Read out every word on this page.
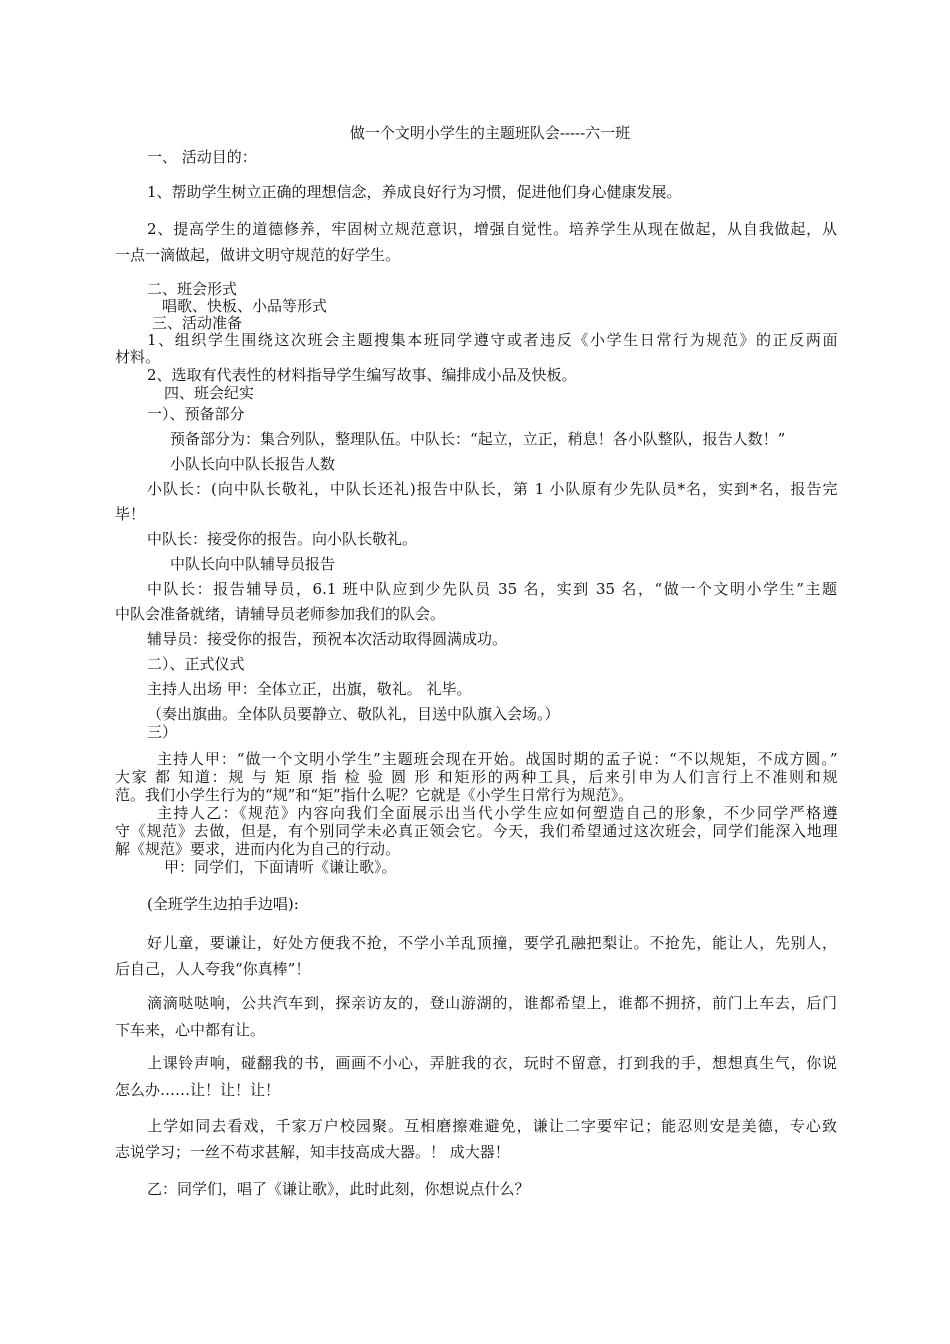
做一个文明小学生的主题班队会-----六一班
一、 活动目的：
1、帮助学生树立正确的理想信念，养成良好行为习惯，促进他们身心健康发展。
2、提高学生的道德修养，牢固树立规范意识，增强自觉性。培养学生从现在做起，从自我做起，从
一点一滴做起，做讲文明守规范的好学生。
二、班会形式
唱歌、快板、小品等形式
三、活动准备
1、组织学生围绕这次班会主题搜集本班同学遵守或者违反《小学生日常行为规范》的正反两面
材料。
2、选取有代表性的材料指导学生编写故事、编排成小品及快板。
四、班会纪实
一）、预备部分
预备部分为：集合列队，整理队伍。中队长：“起立，立正，稍息！各小队整队，报告人数！”
小队长向中队长报告人数
小队长：(向中队长敬礼，中队长还礼)报告中队长，第 1 小队原有少先队员*名，实到*名，报告完
毕！
中队长：接受你的报告。向小队长敬礼。
中队长向中队辅导员报告
中队长：报告辅导员，6.1 班中队应到少先队员 35 名，实到 35 名，“做一个文明小学生”主题
中队会准备就绪，请辅导员老师参加我们的队会。
辅导员：接受你的报告，预祝本次活动取得圆满成功。
二）、正式仪式
主持人出场 甲：全体立正，出旗，敬礼。 礼毕。
（奏出旗曲。全体队员要静立、敬队礼，目送中队旗入会场。）
三）
主持人甲：“做一个文明小学生”主题班会现在开始。战国时期的孟子说：“不以规矩，不成方圆。”
大家 都 知道：规 与 矩 原 指 检 验 圆 形 和矩形的两种工具，后来引申为人们言行上不准则和规
范。我们小学生行为的“规”和“矩”指什么呢？它就是《小学生日常行为规范》。
主持人乙：《规范》内容向我们全面展示出当代小学生应如何塑造自己的形象，不少同学严格遵
守《规范》去做，但是，有个别同学未必真正领会它。今天，我们希望通过这次班会，同学们能深入地理
解《规范》要求，进而内化为自己的行动。
甲：同学们，下面请听《谦让歌》。
(全班学生边拍手边唱):
好儿童，要谦让，好处方便我不抢，不学小羊乱顶撞，要学孔融把梨让。不抢先，能让人，先别人，
后自己，人人夸我“你真棒”！
滴滴哒哒响，公共汽车到，探亲访友的，登山游湖的，谁都希望上，谁都不拥挤，前门上车去，后门
下车来，心中都有让。
上课铃声响，碰翻我的书，画画不小心，弄脏我的衣，玩时不留意，打到我的手，想想真生气，你说
怎么办……让！让！让！
上学如同去看戏，千家万户校园聚。互相磨擦难避免，谦让二字要牢记；能忍则安是美德，专心致
志说学习；一丝不苟求甚解，知丰技高成大器。！ 成大器！
乙：同学们，唱了《谦让歌》，此时此刻，你想说点什么？
